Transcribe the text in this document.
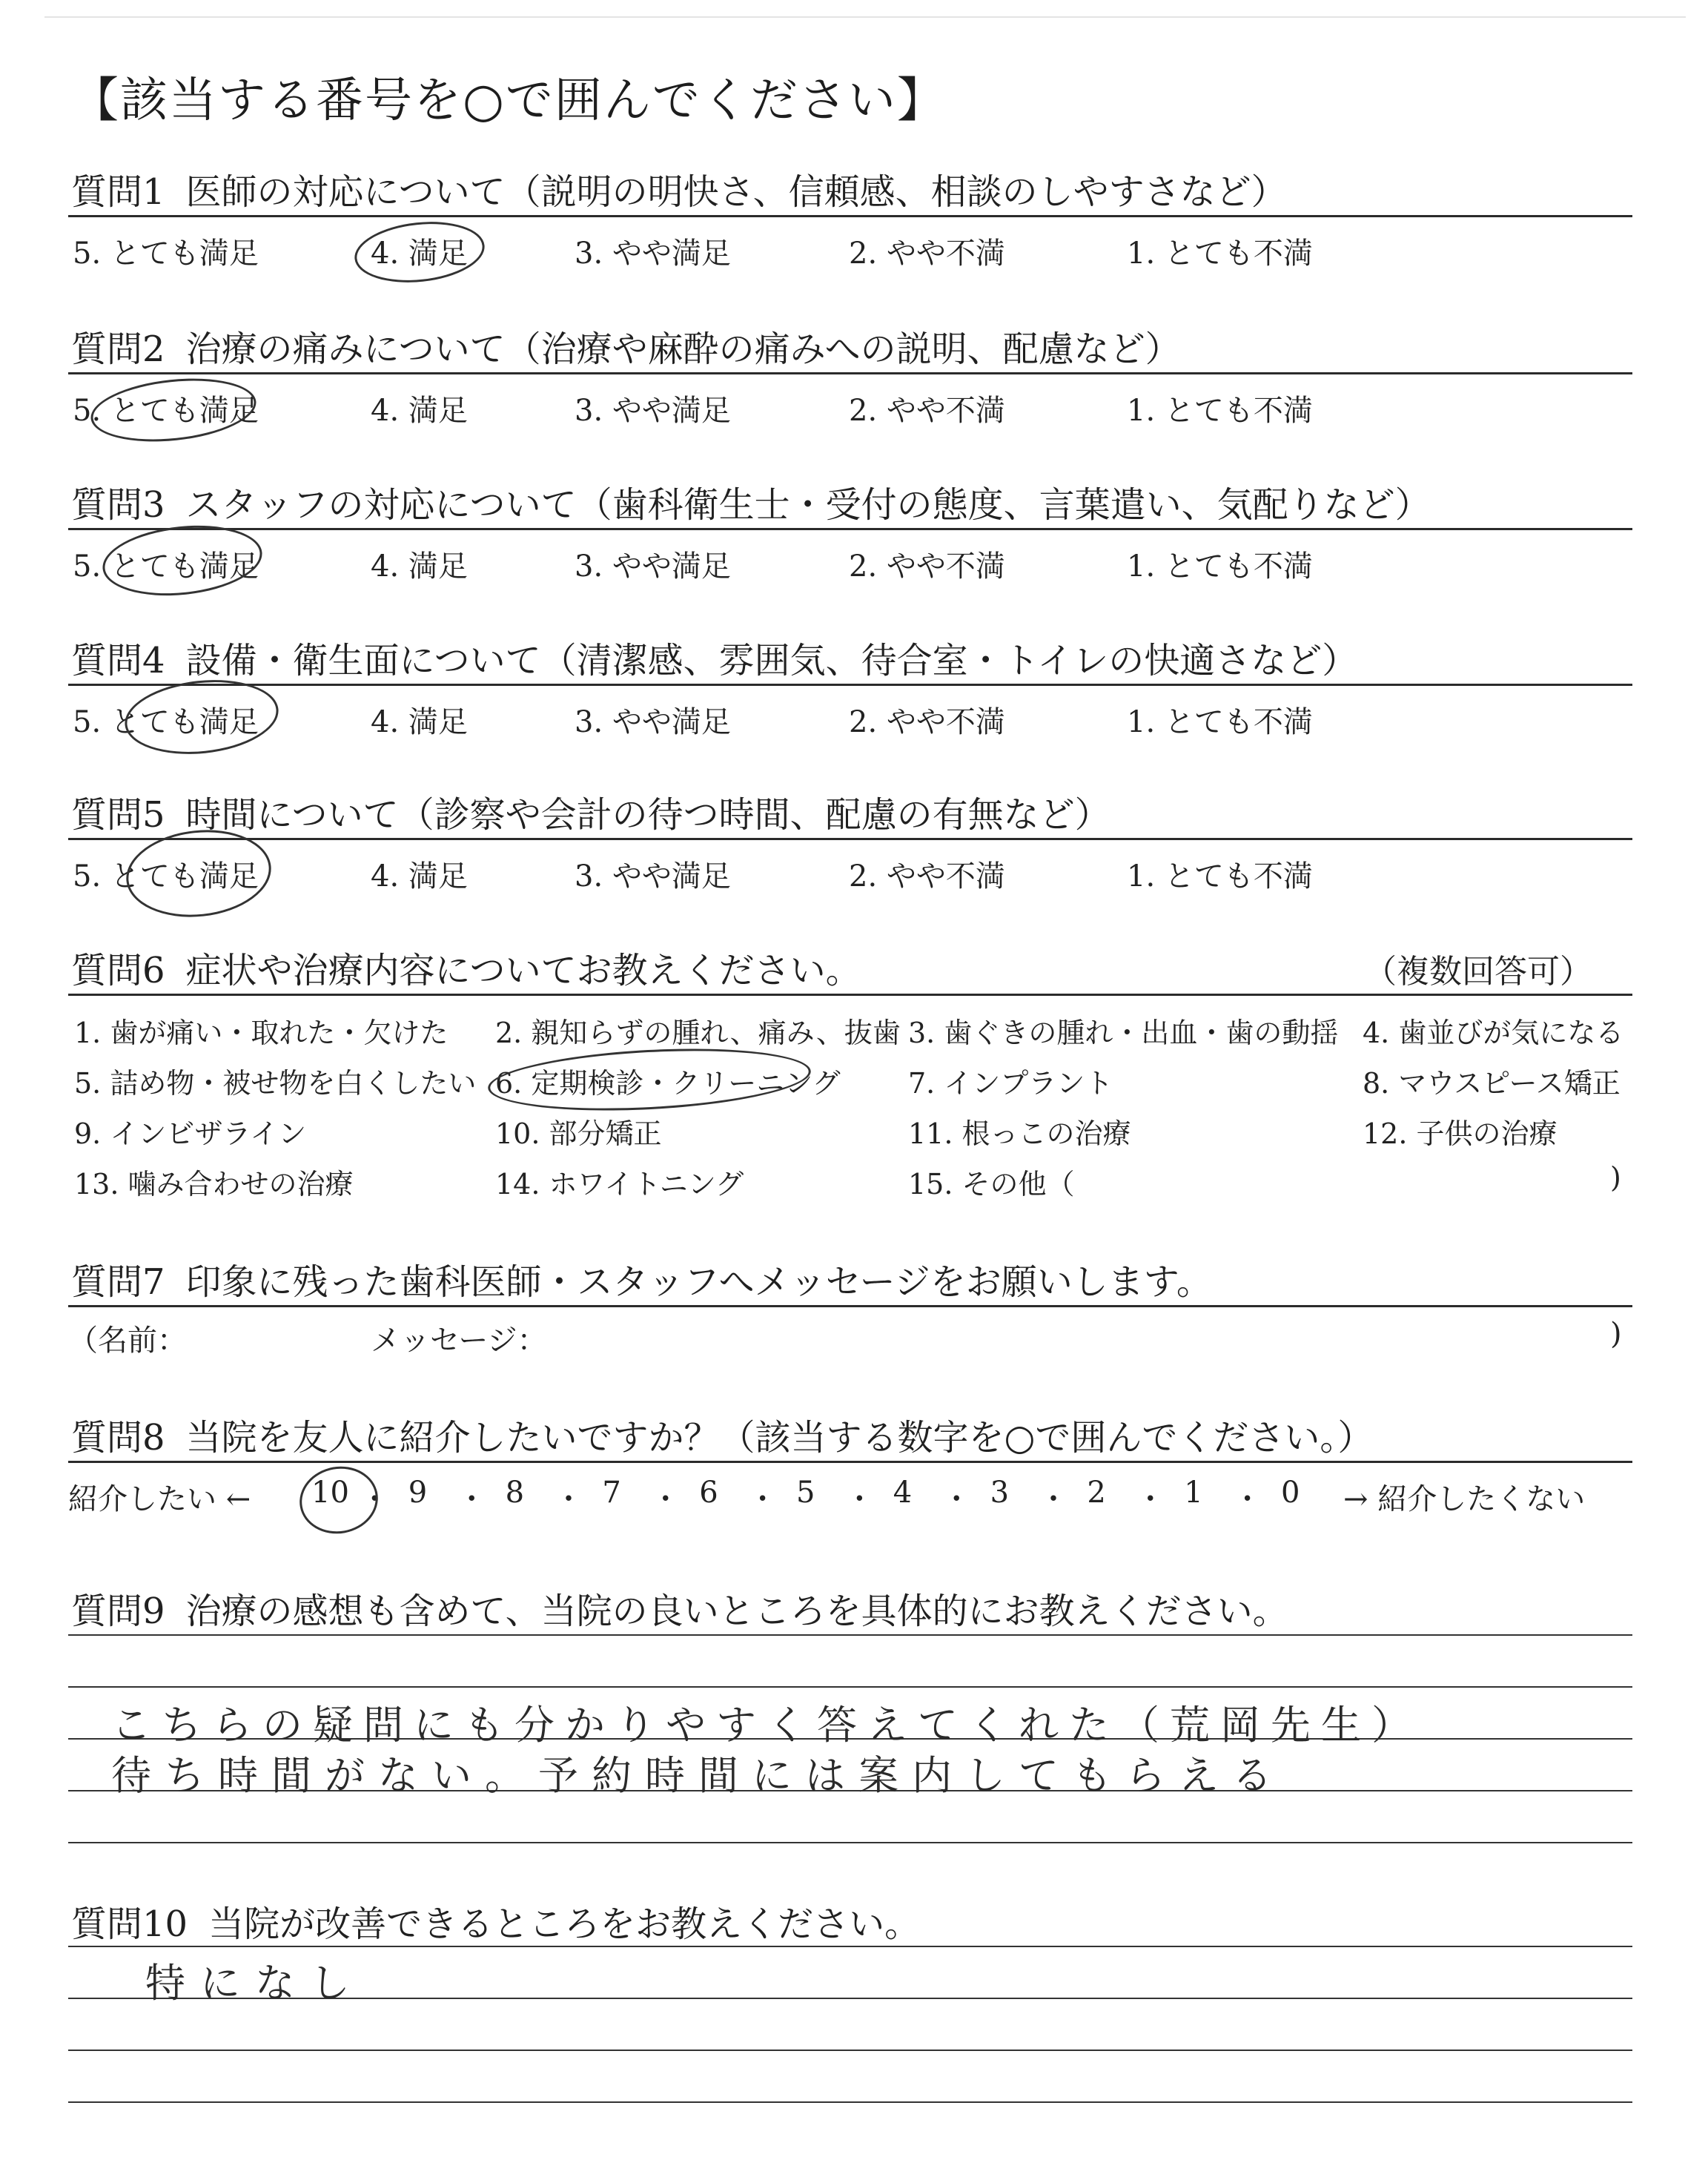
【該当する番号を○で囲んでください】
質問1 医師の対応について（説明の明快さ、信頼感、相談のしやすさなど）
5. とても満足	4. 満足	3. やや満足	2. やや不満	1. とても不満
質問2 治療の痛みについて（治療や麻酔の痛みへの説明、配慮など）
5. とても満足	4. 満足	3. やや満足	2. やや不満	1. とても不満
質問3 スタッフの対応について（歯科衛生士・受付の態度、言葉遣い、気配りなど）
5. とても満足	4. 満足	3. やや満足	2. やや不満	1. とても不満
質問4 設備・衛生面について（清潔感、雰囲気、待合室・トイレの快適さなど）
5. とても満足	4. 満足	3. やや満足	2. やや不満	1. とても不満
質問5 時間について（診察や会計の待つ時間、配慮の有無など）
5. とても満足	4. 満足	3. やや満足	2. やや不満	1. とても不満
質問6 症状や治療内容についてお教えください。	（複数回答可）
1. 歯が痛い・取れた・欠けた 2. 親知らずの腫れ、痛み、抜歯 3. 歯ぐきの腫れ・出血・歯の動揺 4. 歯並びが気になる
5. 詰め物・被せ物を白くしたい 6. 定期検診・クリーニング 7. インプラント	8. マウスピース矯正
9. インビザライン	10. 部分矯正	11. 根っこの治療	12. 子供の治療
13. 噛み合わせの治療	14. ホワイトニング	15. その他（	)
質問7 印象に残った歯科医師・スタッフへメッセージをお願いします。
（名前：	メッセージ：	)
質問8 当院を友人に紹介したいですか？（該当する数字を○で囲んでください。）
紹介したい ←	→ 紹介したくない
10 ・ 9 ・ 8 ・ 7 ・ 6 ・ 5 ・ 4 ・ 3 ・ 2 ・ 1 ・ 0
質問9 治療の感想も含めて、当院の良いところを具体的にお教えください。
こちらの疑問にも分かりやすく答えてくれた（荒岡先生）
待ち時間がない。予約時間には案内してもらえる
質問10 当院が改善できるところをお教えください。
特になし
